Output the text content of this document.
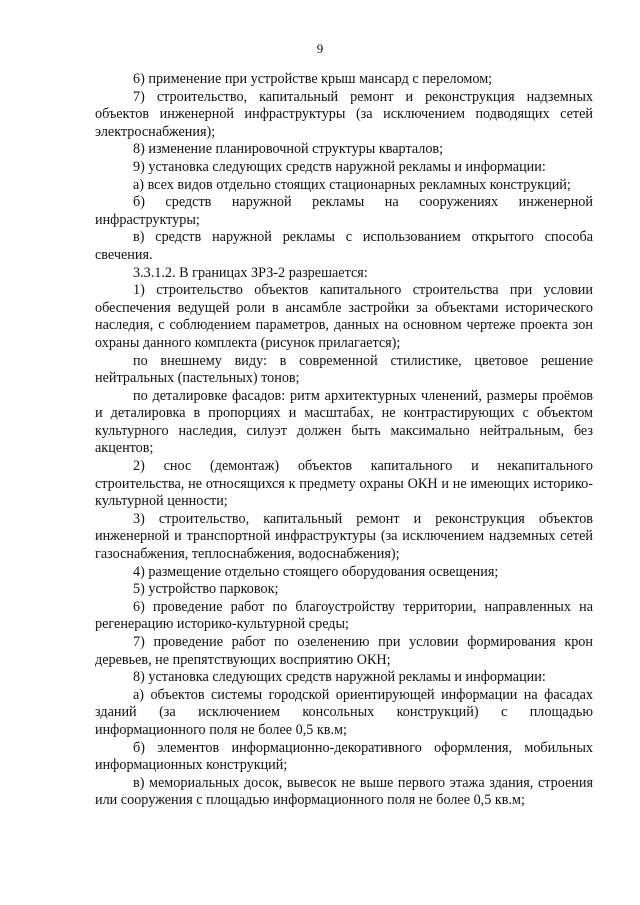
9

6) применение при устройстве крыш мансард с переломом;

7) строительство, капитальный ремонт и реконструкция надземных объектов инженерной инфраструктуры (за исключением подводящих сетей электроснабжения);

8) изменение планировочной структуры кварталов;

9) установка следующих средств наружной рекламы и информации:

а) всех видов отдельно стоящих стационарных рекламных конструкций;

б) средств наружной рекламы на сооружениях инженерной инфраструктуры;

в) средств наружной рекламы с использованием открытого способа свечения.

3.3.1.2. В границах ЗРЗ-2 разрешается:

1) строительство объектов капитального строительства при условии обеспечения ведущей роли в ансамбле застройки за объектами исторического наследия, с соблюдением параметров, данных на основном чертеже проекта зон охраны данного комплекта (рисунок прилагается);

по внешнему виду: в современной стилистике, цветовое решение нейтральных (пастельных) тонов;

по деталировке фасадов: ритм архитектурных членений, размеры проёмов и деталировка в пропорциях и масштабах, не контрастирующих с объектом культурного наследия, силуэт должен быть максимально нейтральным, без акцентов;

2) снос (демонтаж) объектов капитального и некапитального строительства, не относящихся к предмету охраны ОКН и не имеющих историко-культурной ценности;

3) строительство, капитальный ремонт и реконструкция объектов инженерной и транспортной инфраструктуры (за исключением надземных сетей газоснабжения, теплоснабжения, водоснабжения);

4) размещение отдельно стоящего оборудования освещения;

5) устройство парковок;

6) проведение работ по благоустройству территории, направленных на регенерацию историко-культурной среды;

7) проведение работ по озеленению при условии формирования крон деревьев, не препятствующих восприятию ОКН;

8) установка следующих средств наружной рекламы и информации:

а) объектов системы городской ориентирующей информации на фасадах зданий (за исключением консольных конструкций) с площадью информационного поля не более 0,5 кв.м;

б) элементов информационно-декоративного оформления, мобильных информационных конструкций;

в) мемориальных досок, вывесок не выше первого этажа здания, строения или сооружения с площадью информационного поля не более 0,5 кв.м;
